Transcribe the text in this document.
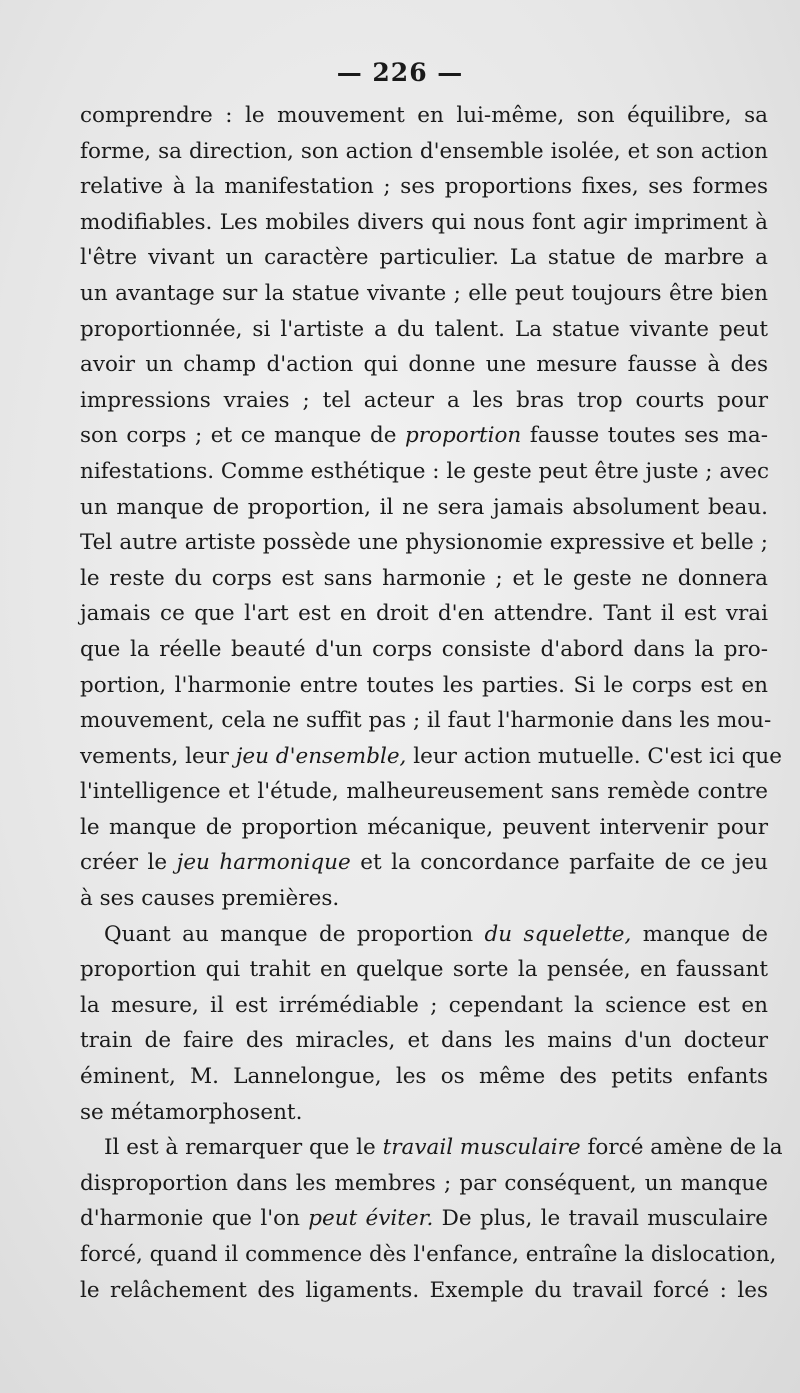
— 226 —

comprendre : le mouvement en lui-même, son équilibre, sa
forme, sa direction, son action d'ensemble isolée, et son action
relative à la manifestation ; ses proportions fixes, ses formes
modifiables. Les mobiles divers qui nous font agir impriment à
l'être vivant un caractère particulier. La statue de marbre a
un avantage sur la statue vivante ; elle peut toujours être bien
proportionnée, si l'artiste a du talent. La statue vivante peut
avoir un champ d'action qui donne une mesure fausse à des
impressions vraies ; tel acteur a les bras trop courts pour
son corps ; et ce manque de proportion fausse toutes ses ma-
nifestations. Comme esthétique : le geste peut être juste ; avec
un manque de proportion, il ne sera jamais absolument beau.
Tel autre artiste possède une physionomie expressive et belle ;
le reste du corps est sans harmonie ; et le geste ne donnera
jamais ce que l'art est en droit d'en attendre. Tant il est vrai
que la réelle beauté d'un corps consiste d'abord dans la pro-
portion, l'harmonie entre toutes les parties. Si le corps est en
mouvement, cela ne suffit pas ; il faut l'harmonie dans les mou-
vements, leur jeu d'ensemble, leur action mutuelle. C'est ici que
l'intelligence et l'étude, malheureusement sans remède contre
le manque de proportion mécanique, peuvent intervenir pour
créer le jeu harmonique et la concordance parfaite de ce jeu
à ses causes premières.

Quant au manque de proportion du squelette, manque de
proportion qui trahit en quelque sorte la pensée, en faussant
la mesure, il est irrémédiable ; cependant la science est en
train de faire des miracles, et dans les mains d'un docteur
éminent, M. Lannelongue, les os même des petits enfants
se métamorphosent.

Il est à remarquer que le travail musculaire forcé amène de la
disproportion dans les membres ; par conséquent, un manque
d'harmonie que l'on peut éviter. De plus, le travail musculaire
forcé, quand il commence dès l'enfance, entraîne la dislocation,
le relâchement des ligaments. Exemple du travail forcé : les
